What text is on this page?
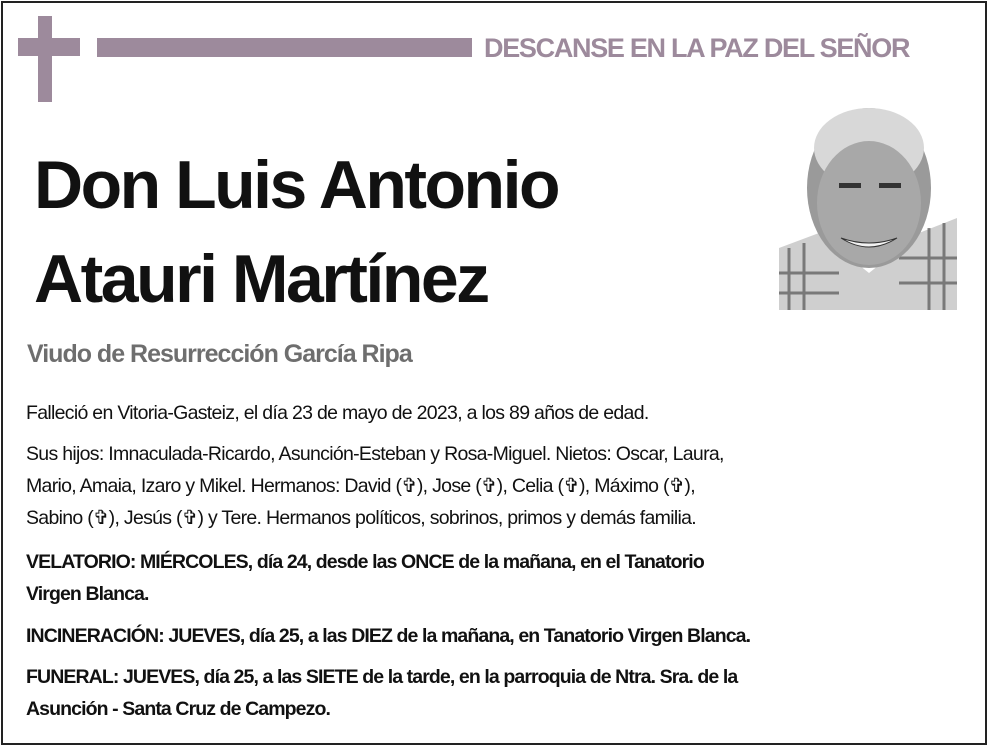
DESCANSE EN LA PAZ DEL SEÑOR
Don Luis Antonio
Atauri Martínez
Viudo de Resurrección García Ripa
Falleció en Vitoria-Gasteiz, el día 23 de mayo de 2023, a los 89 años de edad.
Sus hijos: Imnaculada-Ricardo, Asunción-Esteban y Rosa-Miguel. Nietos: Oscar, Laura,
Mario, Amaia, Izaro y Mikel. Hermanos: David (✞), Jose (✞), Celia (✞), Máximo (✞),
Sabino (✞), Jesús (✞) y Tere. Hermanos políticos, sobrinos, primos y demás familia.
VELATORIO: MIÉRCOLES, día 24, desde las ONCE de la mañana, en el Tanatorio
Virgen Blanca.
INCINERACIÓN: JUEVES, día 25, a las DIEZ de la mañana, en Tanatorio Virgen Blanca.
FUNERAL: JUEVES, día 25, a las SIETE de la tarde, en la parroquia de Ntra. Sra. de la
Asunción - Santa Cruz de Campezo.
